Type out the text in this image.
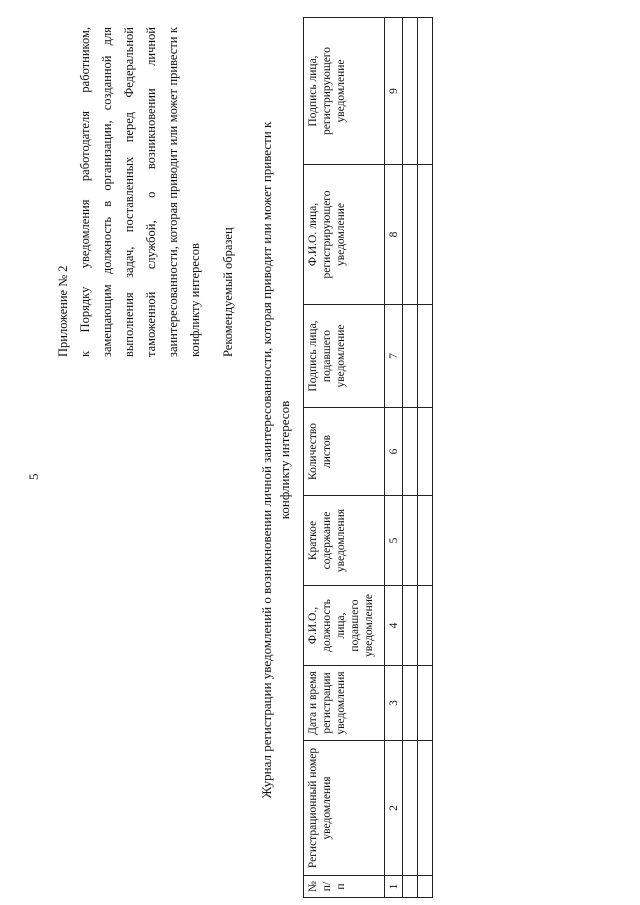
5
Приложение № 2 к Порядку уведомления работодателя работником, замещающим должность в организации, созданной для выполнения задач, поставленных перед Федеральной таможенной службой, о возникновении личной заинтересованности, которая приводит или может привести к конфликту интересов	Рекомендуемый образец Журнал регистрации уведомлений о возникновении личной заинтересованности, которая приводит или может привести к конфликту интересов
№ п/п	Регистрационный номер уведомления	Дата и время регистрации уведомления	Ф.И.О., должность лица, подавшего уведомление	Краткое содержание уведомления	Количество листов	Подпись лица, подавшего уведомление	Ф.И.О. лица, регистрирующего уведомление	Подпись лица, регистрирующего уведомление
1	2	3	4	5	6	7	8	9
